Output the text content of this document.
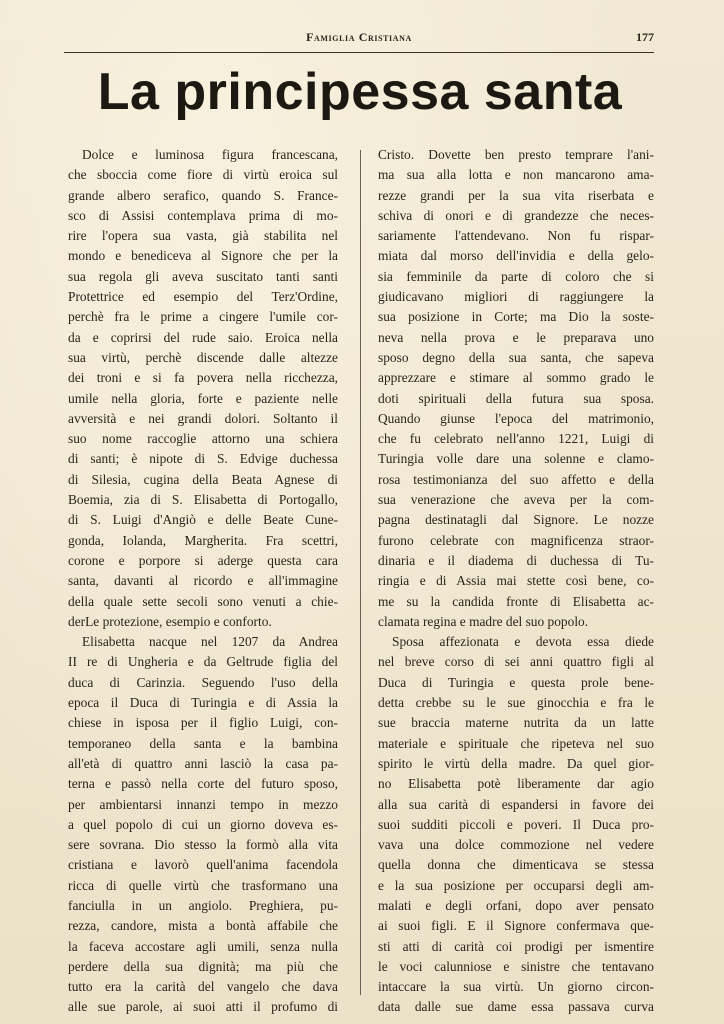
Famiglia Cristiana	177
La principessa santa
Dolce e luminosa figura francescana,
che sboccia come fiore di virtù eroica sul
grande albero serafico, quando S. France-
sco di Assisi contemplava prima di mo-
rire l'opera sua vasta, già stabilita nel
mondo e benediceva al Signore che per la
sua regola gli aveva suscitato tanti santi
Protettrice ed esempio del Terz'Ordine,
perchè fra le prime a cingere l'umile cor-
da e coprirsi del rude saio. Eroica nella
sua virtù, perchè discende dalle altezze
dei troni e si fa povera nella ricchezza,
umile nella gloria, forte e paziente nelle
avversità e nei grandi dolori. Soltanto il
suo nome raccoglie attorno una schiera
di santi; è nipote di S. Edvige duchessa
di Silesia, cugina della Beata Agnese di
Boemia, zia di S. Elisabetta di Portogallo,
di S. Luigi d'Angiò e delle Beate Cune-
gonda, Iolanda, Margherita. Fra scettri,
corone e porpore si aderge questa cara
santa, davanti al ricordo e all'immagine
della quale sette secoli sono venuti a chie-
derLe protezione, esempio e conforto.
Elisabetta nacque nel 1207 da Andrea
II re di Ungheria e da Geltrude figlia del
duca di Carinzia. Seguendo l'uso della
epoca il Duca di Turingia e di Assia la
chiese in isposa per il figlio Luigi, con-
temporaneo della santa e la bambina
all'età di quattro anni lasciò la casa pa-
terna e passò nella corte del futuro sposo,
per ambientarsi innanzi tempo in mezzo
a quel popolo di cui un giorno doveva es-
sere sovrana. Dio stesso la formò alla vita
cristiana e lavorò quell'anima facendola
ricca di quelle virtù che trasformano una
fanciulla in un angiolo. Preghiera, pu-
rezza, candore, mista a bontà affabile che
la faceva accostare agli umili, senza nulla
perdere della sua dignità; ma più che
tutto era la carità del vangelo che dava
alle sue parole, ai suoi atti il profumo di
Cristo. Dovette ben presto temprare l'ani-
ma sua alla lotta e non mancarono ama-
rezze grandi per la sua vita riserbata e
schiva di onori e di grandezze che neces-
sariamente l'attendevano. Non fu rispar-
miata dal morso dell'invidia e della gelo-
sia femminile da parte di coloro che si
giudicavano migliori di raggiungere la
sua posizione in Corte; ma Dio la soste-
neva nella prova e le preparava uno
sposo degno della sua santa, che sapeva
apprezzare e stimare al sommo grado le
doti spirituali della futura sua sposa.
Quando giunse l'epoca del matrimonio,
che fu celebrato nell'anno 1221, Luigi di
Turingia volle dare una solenne e clamo-
rosa testimonianza del suo affetto e della
sua venerazione che aveva per la com-
pagna destinatagli dal Signore. Le nozze
furono celebrate con magnificenza straor-
dinaria e il diadema di duchessa di Tu-
ringia e di Assia mai stette così bene, co-
me su la candida fronte di Elisabetta ac-
clamata regina e madre del suo popolo.
Sposa affezionata e devota essa diede
nel breve corso di sei anni quattro figli al
Duca di Turingia e questa prole bene-
detta crebbe su le sue ginocchia e fra le
sue braccia materne nutrita da un latte
materiale e spirituale che ripeteva nel suo
spirito le virtù della madre. Da quel gior-
no Elisabetta potè liberamente dar agio
alla sua carità di espandersi in favore dei
suoi sudditi piccoli e poveri. Il Duca pro-
vava una dolce commozione nel vedere
quella donna che dimenticava se stessa
e la sua posizione per occuparsi degli am-
malati e degli orfani, dopo aver pensato
ai suoi figli. E il Signore confermava que-
sti atti di carità coi prodigi per ismentire
le voci calunniose e sinistre che tentavano
intaccare la sua virtù. Un giorno circon-
data dalle sue dame essa passava curva
